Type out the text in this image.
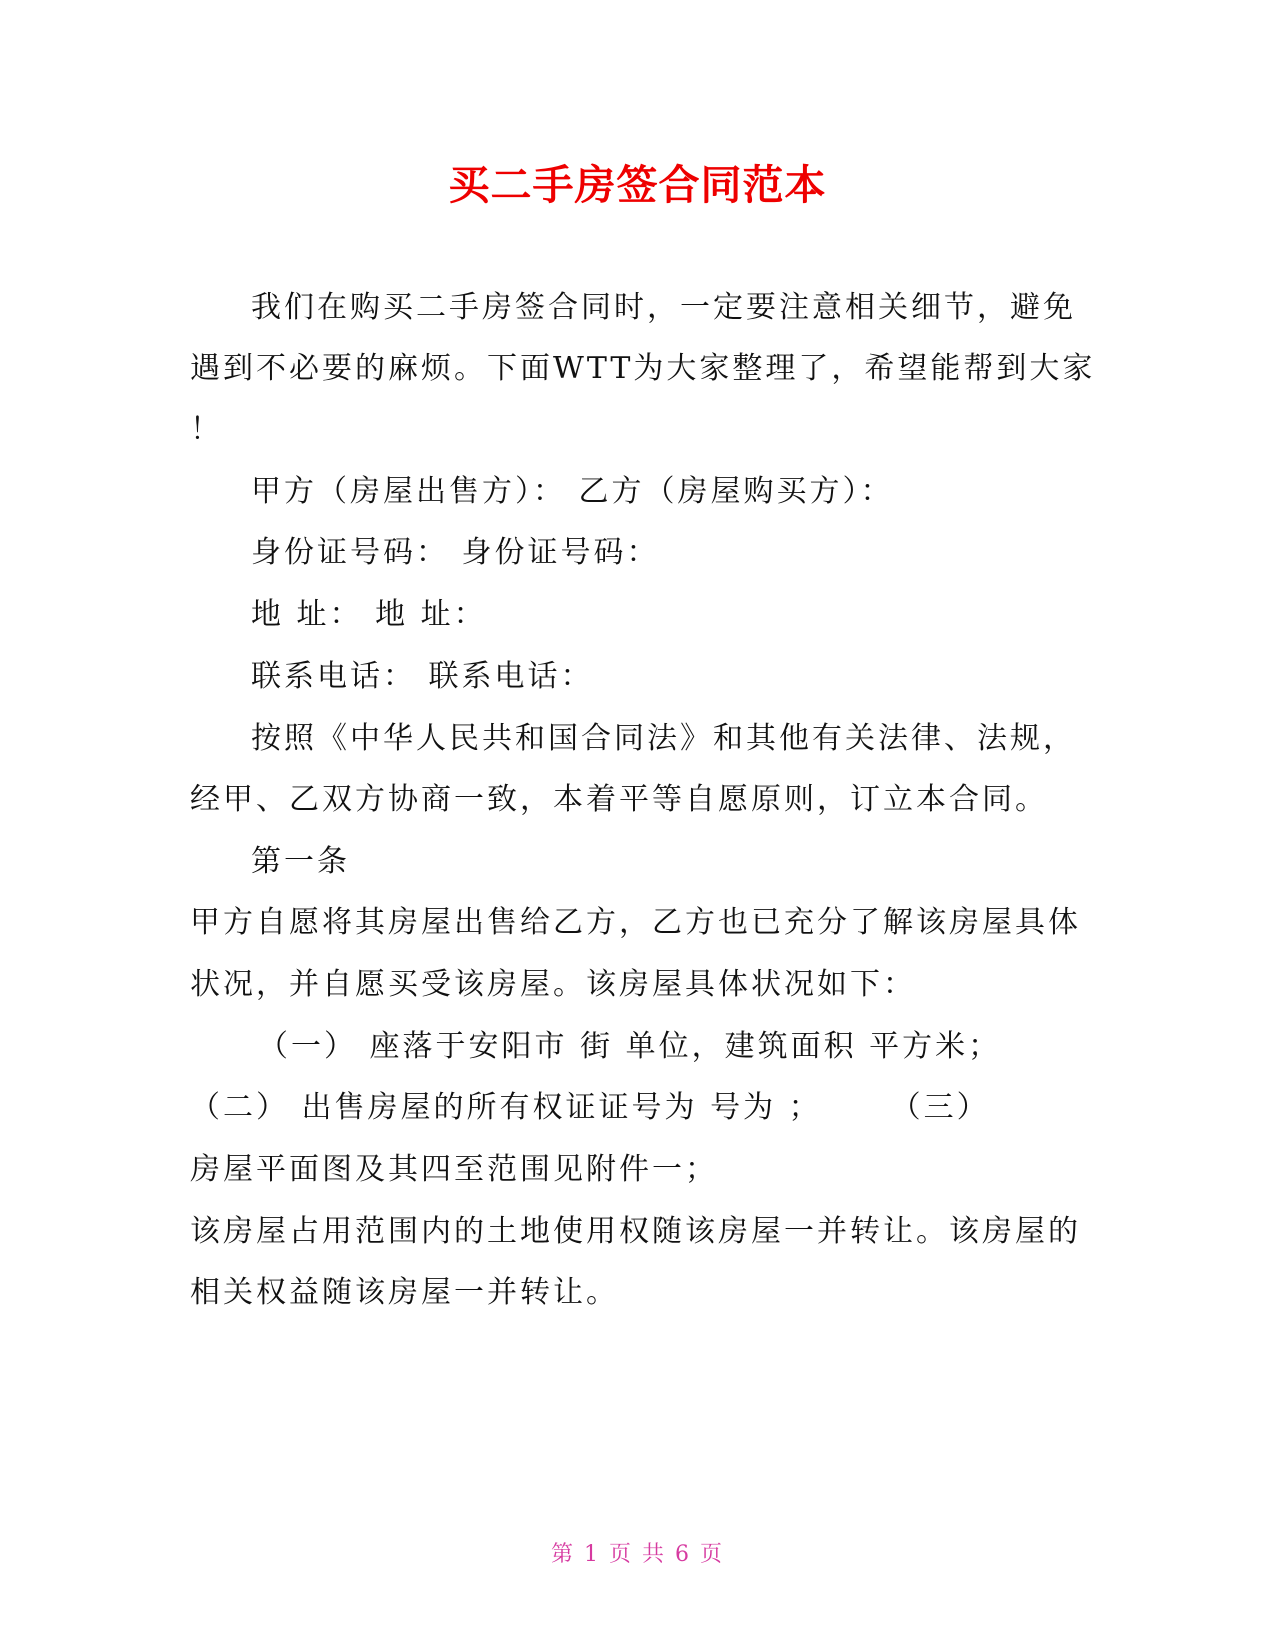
买二手房签合同范本
我们在购买二手房签合同时，一定要注意相关细节，避免
遇到不必要的麻烦。下面WTT为大家整理了，希望能帮到大家
！
甲方（房屋出售方）： 乙方（房屋购买方）：
身份证号码： 身份证号码：
地 址： 地 址：
联系电话： 联系电话：
按照《中华人民共和国合同法》和其他有关法律、法规，
经甲、乙双方协商一致，本着平等自愿原则，订立本合同。
第一条
甲方自愿将其房屋出售给乙方，乙方也已充分了解该房屋具体
状况，并自愿买受该房屋。该房屋具体状况如下：
（一） 座落于安阳市 街 单位，建筑面积 平方米；
（二） 出售房屋的所有权证证号为 号为 ；　　　（三）
房屋平面图及其四至范围见附件一；
该房屋占用范围内的土地使用权随该房屋一并转让。该房屋的
相关权益随该房屋一并转让。
第 1 页 共 6 页
